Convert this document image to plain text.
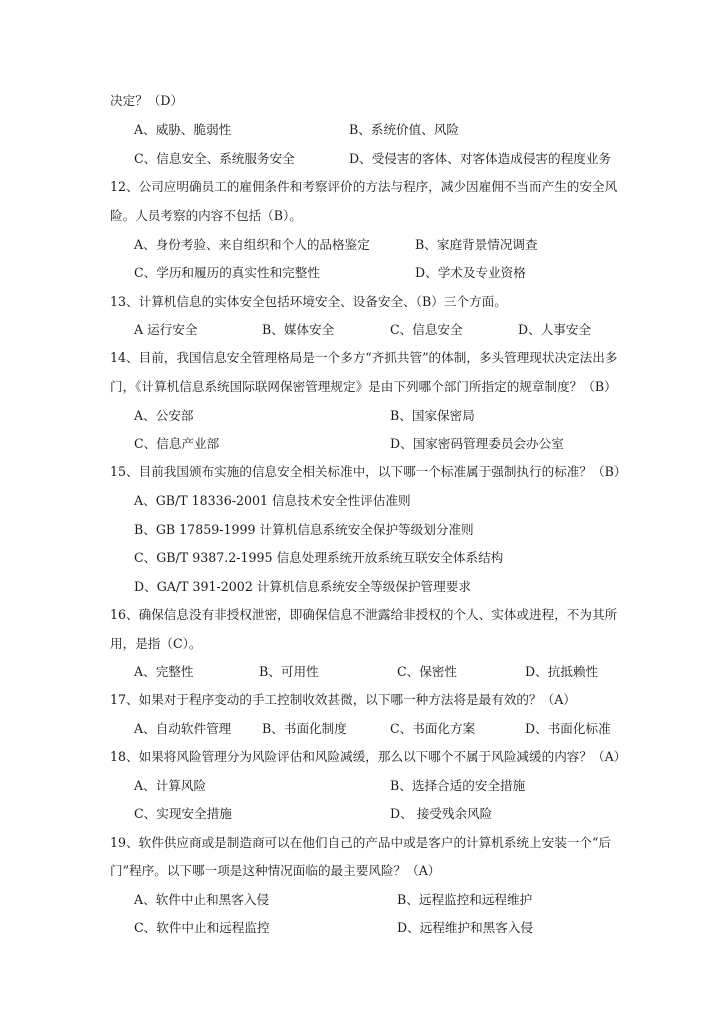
决定？（D）
A、威胁、脆弱性	B、系统价值、风险
C、信息安全、系统服务安全	D、受侵害的客体、对客体造成侵害的程度业务
12、公司应明确员工的雇佣条件和考察评价的方法与程序，减少因雇佣不当而产生的安全风
险。人员考察的内容不包括（B）。
A、身份考验、来自组织和个人的品格鉴定	B、家庭背景情况调查
C、学历和履历的真实性和完整性	D、学术及专业资格
13、计算机信息的实体安全包括环境安全、设备安全、（B）三个方面。
A 运行安全	B、媒体安全	C、信息安全	D、人事安全
14、目前，我国信息安全管理格局是一个多方“齐抓共管”的体制，多头管理现状决定法出多
门，《计算机信息系统国际联网保密管理规定》是由下列哪个部门所指定的规章制度？（B）
A、公安部	B、国家保密局
C、信息产业部	D、国家密码管理委员会办公室
15、目前我国颁布实施的信息安全相关标准中，以下哪一个标准属于强制执行的标准？（B）
A、GB/T 18336-2001 信息技术安全性评估准则
B、GB 17859-1999 计算机信息系统安全保护等级划分准则
C、GB/T 9387.2-1995 信息处理系统开放系统互联安全体系结构
D、GA/T 391-2002 计算机信息系统安全等级保护管理要求
16、确保信息没有非授权泄密，即确保信息不泄露给非授权的个人、实体或进程，不为其所
用，是指（C）。
A、完整性	B、可用性	C、保密性	D、抗抵赖性
17、如果对于程序变动的手工控制收效甚微，以下哪一种方法将是最有效的？（A）
A、自动软件管理 B、书面化制度	C、书面化方案	D、书面化标准
18、如果将风险管理分为风险评估和风险减缓，那么以下哪个不属于风险减缓的内容？（A）
A、计算风险	B、选择合适的安全措施
C、实现安全措施	D、 接受残余风险
19、软件供应商或是制造商可以在他们自己的产品中或是客户的计算机系统上安装一个“后
门”程序。以下哪一项是这种情况面临的最主要风险？（A）
A、软件中止和黑客入侵	B、远程监控和远程维护
C、软件中止和远程监控	D、远程维护和黑客入侵
